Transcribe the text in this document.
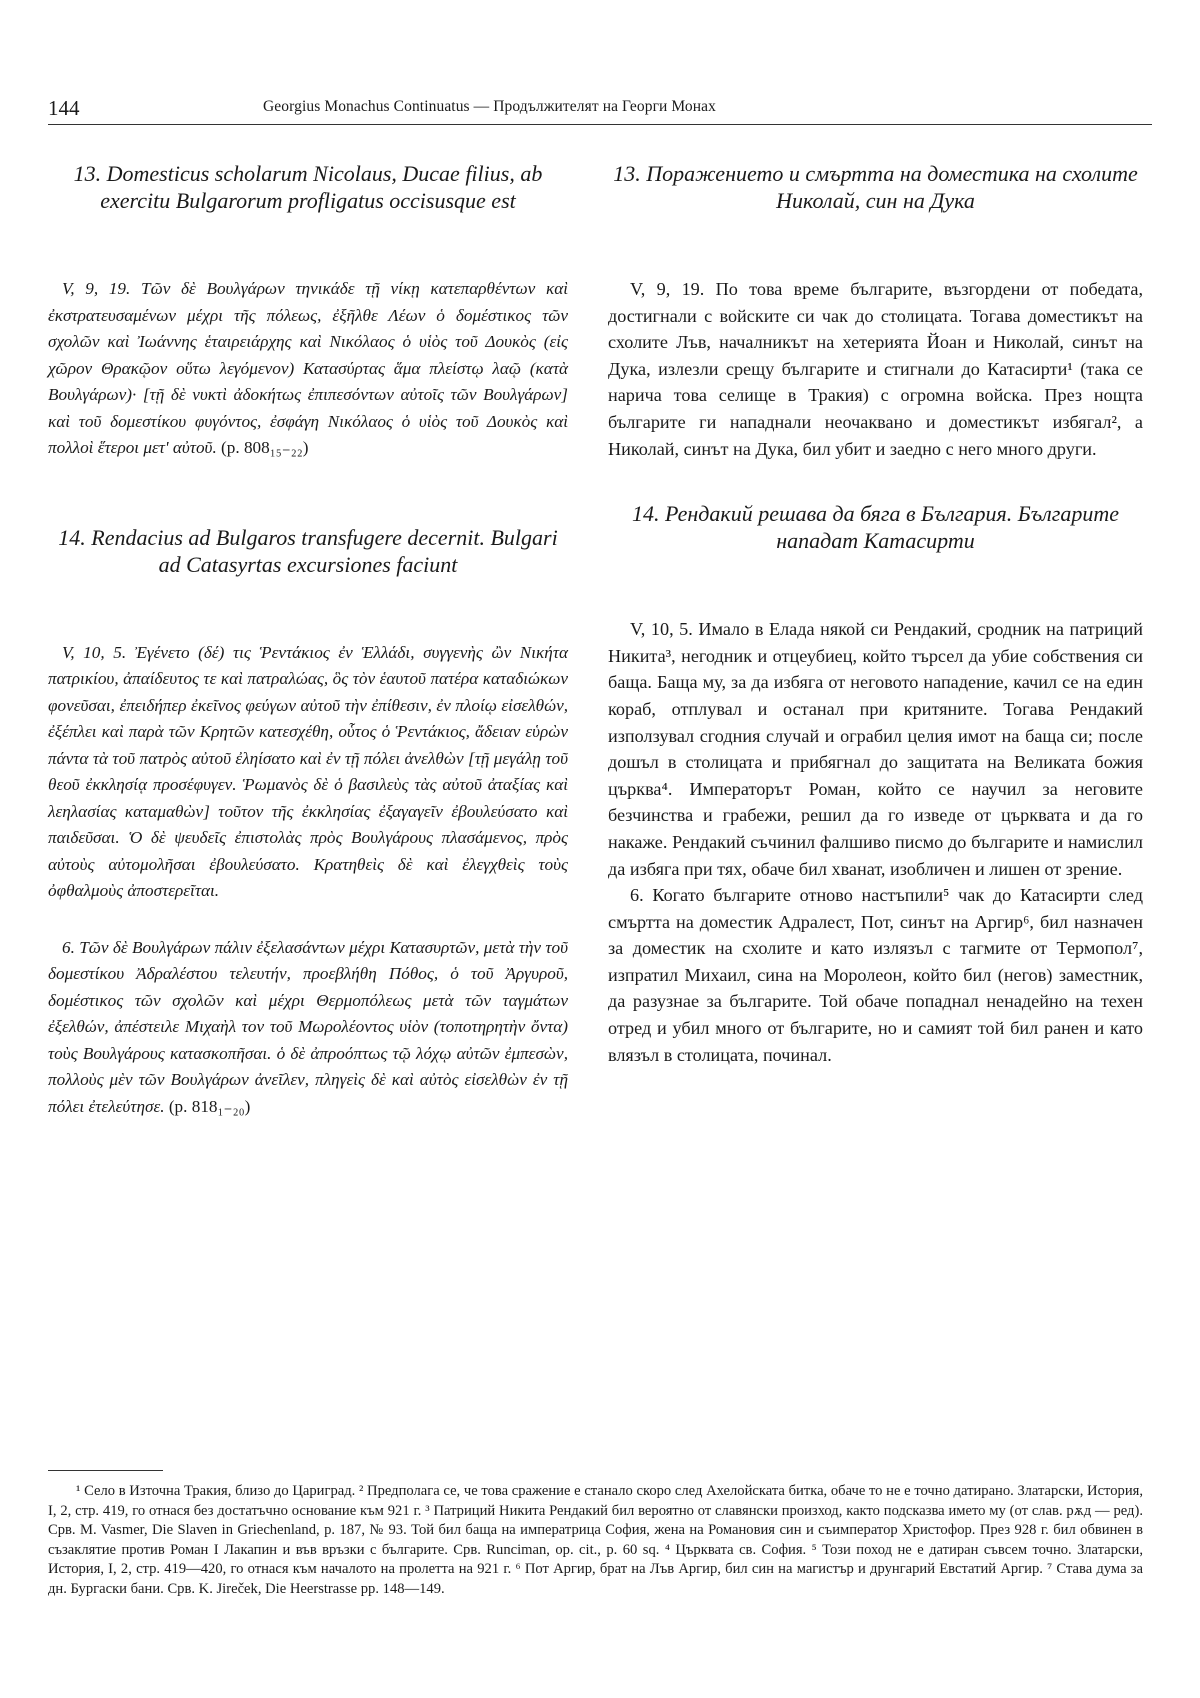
144	Georgius Monachus Continuatus — Продължителят на Георги Монах
13. Domesticus scholarum Nicolaus, Ducae filius, ab exercitu Bulgarorum profligatus occisusque est

V, 9, 19. Τῶν δὲ Βουλγάρων τηνικάδε τῇ νίκῃ κατεπαρθέντων καὶ ἐκστρατευσαμένων μέχρι τῆς πόλεως, ἐξῆλθε Λέων ὁ δομέστικος τῶν σχολῶν καὶ Ἰωάννης ἑταιρειάρχης καὶ Νικόλαος ὁ υἱὸς τοῦ Δουκὸς (εἰς χῶρον Θρακῷον οὕτω λεγόμενον) Κατασύρτας ἅμα πλείστῳ λαῷ (κατὰ Βουλγάρων)· [τῇ δὲ νυκτὶ ἀδοκήτως ἐπιπεσόντων αὐτοῖς τῶν Βουλγάρων] καὶ τοῦ δομεστίκου φυγόντος, ἐσφάγη Νικόλαος ὁ υἱὸς τοῦ Δουκὸς καὶ πολλοὶ ἕτεροι μετ' αὐτοῦ. (p. 808₁₅₋₂₂)

14. Rendacius ad Bulgaros transfugere decernit. Bulgari ad Catasyrtas excursiones faciunt

V, 10, 5. Ἐγένετο (δέ) τις Ῥεντάκιος ἐν Ἑλλάδι, συγγενὴς ὢν Νικήτα πατρικίου, ἀπαίδευτος τε καὶ πατραλώας, ὃς τὸν ἑαυτοῦ πατέρα καταδιώκων φονεῦσαι, ἐπειδήπερ ἐκεῖνος φεύγων αὐτοῦ τὴν ἐπίθεσιν, ἐν πλοίῳ εἰσελθών, ἐξέπλει καὶ παρὰ τῶν Κρητῶν κατεσχέθη, οὗτος ὁ Ῥεντάκιος, ἄδειαν εὑρὼν πάντα τὰ τοῦ πατρὸς αὐτοῦ ἐληίσατο καὶ ἐν τῇ πόλει ἀνελθὼν [τῇ μεγάλῃ τοῦ θεοῦ ἐκκλησίᾳ προσέφυγεν. Ῥωμανὸς δὲ ὁ βασιλεὺς τὰς αὐτοῦ ἀταξίας καὶ λεηλασίας καταμαθὼν] τοῦτον τῆς ἐκκλησίας ἐξαγαγεῖν ἐβουλεύσατο καὶ παιδεῦσαι. Ὁ δὲ ψευδεῖς ἐπιστολὰς πρὸς Βουλγάρους πλασάμενος, πρὸς αὐτοὺς αὐτομολῆσαι ἐβουλεύσατο. Κρατηθεὶς δὲ καὶ ἐλεγχθεὶς τοὺς ὀφθαλμοὺς ἀποστερεῖται.

6. Τῶν δὲ Βουλγάρων πάλιν ἐξελασάντων μέχρι Κατασυρτῶν, μετὰ τὴν τοῦ δομεστίκου Ἀδραλέστου τελευτήν, προεβλήθη Πόθος, ὁ τοῦ Ἀργυροῦ, δομέστικος τῶν σχολῶν καὶ μέχρι Θερμοπόλεως μετὰ τῶν ταγμάτων ἐξελθών, ἀπέστειλε Μιχαὴλ τον τοῦ Μωρολέοντος υἱὸν (τοποτηρητὴν ὄντα) τοὺς Βουλγάρους κατασκοπῆσαι. ὁ δὲ ἀπροόπτως τῷ λόχῳ αὐτῶν ἐμπεσὼν, πολλοὺς μὲν τῶν Βουλγάρων ἀνεῖλεν, πληγεὶς δὲ καὶ αὐτὸς εἰσελθὼν ἐν τῇ πόλει ἐτελεύτησε. (p. 818₁₋₂₀)

13. Поражението и смъртта на доместика на схолите Николай, син на Дука

V, 9, 19. По това време българите, възгордени от победата, достигнали с войските си чак до столицата. Тогава доместикът на схолите Лъв, началникът на хетерията Йоан и Николай, синът на Дука, излезли срещу българите и стигнали до Катасирти¹ (така се нарича това селище в Тракия) с огромна войска. През нощта българите ги нападнали неочаквано и доместикът избягал², а Николай, синът на Дука, бил убит и заедно с него много други.

14. Рендакий решава да бяга в България. Българите нападат Катасирти

V, 10, 5. Имало в Елада някой си Рендакий, сродник на патриций Никита³, негодник и отцеубиец, който търсел да убие собствения си баща. Баща му, за да избяга от неговото нападение, качил се на един кораб, отплувал и останал при критяните. Тогава Рендакий използувал сгодния случай и ограбил целия имот на баща си; после дошъл в столицата и прибягнал до защитата на Великата божия църква⁴. Императорът Роман, който се научил за неговите безчинства и грабежи, решил да го изведе от църквата и да го накаже. Рендакий съчинил фалшиво писмо до българите и намислил да избяга при тях, обаче бил хванат, изобличен и лишен от зрение.

6. Когато българите отново настъпили⁵ чак до Катасирти след смъртта на доместик Адралест, Пот, синът на Аргир⁶, бил назначен за доместик на схолите и като излязъл с тагмите от Термопол⁷, изпратил Михаил, сина на Моролеон, който бил (негов) заместник, да разузнае за българите. Той обаче попаднал ненадейно на техен отред и убил много от българите, но и самият той бил ранен и като влязъл в столицата, починал.

¹ Село в Източна Тракия, близо до Цариград. ² Предполага се, че това сражение е станало скоро след Ахелойската битка, обаче то не е точно датирано. Златарски, История, I, 2, стр. 419, го отнася без достатъчно основание към 921 г. ³ Патриций Никита Рендакий бил вероятно от славянски произход, както подсказва името му (от слав. рѫд — ред). Срв. M. Vasmer, Die Slaven in Griechenland, p. 187, № 93. Той бил баща на императрица София, жена на Романовия син и съимператор Христофор. През 928 г. бил обвинен в съзаклятие против Роман I Лакапин и във връзки с българите. Срв. Runciman, op. cit., p. 60 sq. ⁴ Църквата св. София. ⁵ Този поход не е датиран съвсем точно. Златарски, История, I, 2, стр. 419—420, го отнася към началото на пролетта на 921 г. ⁶ Пот Аргир, брат на Лъв Аргир, бил син на магистър и друнгарий Евстатий Аргир. ⁷ Става дума за дн. Бургаски бани. Срв. K. Jireček, Die Heerstrasse pp. 148—149.
